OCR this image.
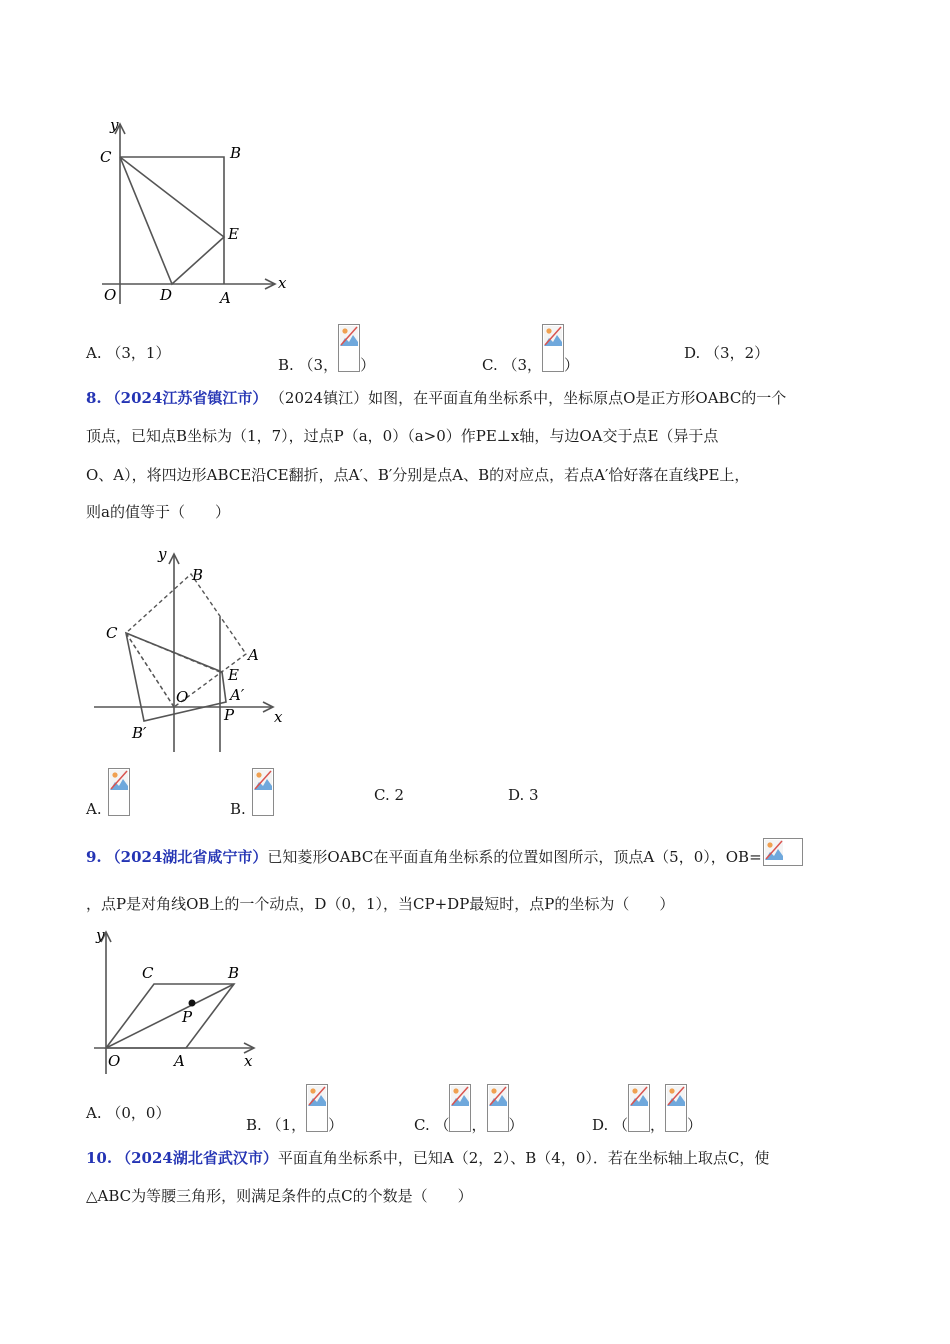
y
x
C	B
E
O	D	A
A. （3，1）
B. （3， ）	C. （3， ）
D. （3，2）
8. （2024江苏省镇江市） （2024镇江）如图，在平面直角坐标系中，坐标原点O是正方形OABC的一个
顶点，已知点B坐标为（1，7），过点P（a，0）（a>0）作PE⊥x轴，与边OA交于点E（异于点
O、A），将四边形ABCE沿CE翻折，点A′、B′分别是点A、B的对应点，若点A′恰好落在直线PE上，
则a的值等于（　　）
y
B
C
A
E
A′
O
P	x
B′
A.	B.
C. 2	D. 3
9. （2024湖北省咸宁市）已知菱形OABC在平面直角坐标系的位置如图所示，顶点A（5，0），OB=
，点P是对角线OB上的一个动点，D（0，1），当CP+DP最短时，点P的坐标为（　　）
y
C	B
P
O	A	x
A. （0，0）
B. （1， ）	C. （ ， ）	D. （ ， ）
10. （2024湖北省武汉市）平面直角坐标系中，已知A（2，2）、B（4，0）．若在坐标轴上取点C，使
△ABC为等腰三角形，则满足条件的点C的个数是（　　）
